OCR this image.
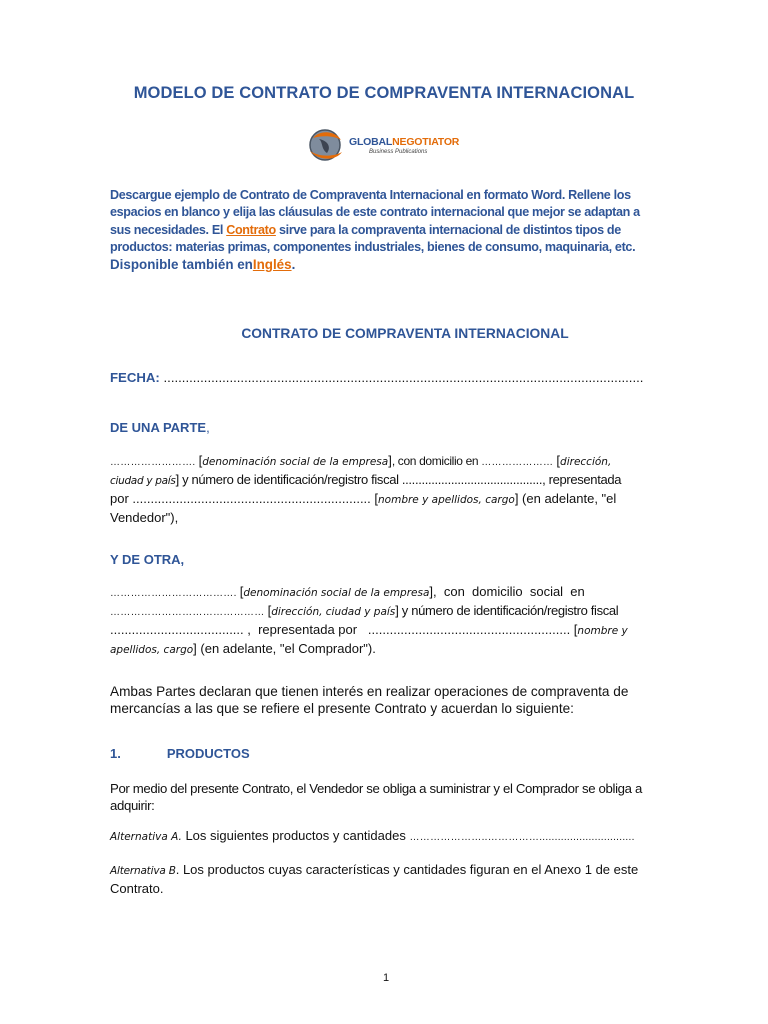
MODELO DE CONTRATO DE COMPRAVENTA INTERNACIONAL
GLOBALNEGOTIATOR
Business Publications
Descargue ejemplo de Contrato de Compraventa Internacional en formato Word. Rellene los
espacios en blanco y elija las cláusulas de este contrato internacional que mejor se adaptan a
sus necesidades. El Contrato sirve para la compraventa internacional de distintos tipos de
productos: materias primas, componentes industriales, bienes de consumo, maquinaria, etc.
Disponible también enInglés.
CONTRATO DE COMPRAVENTA INTERNACIONAL
FECHA: ...................................................................................................................................
DE UNA PARTE,
……………………. [denominación social de la empresa], con domicilio en ………………… [dirección,
ciudad y país] y número de identificación/registro fiscal ..........................................., representada
por .................................................................. [nombre y apellidos, cargo] (en adelante, "el
Vendedor"),
Y DE OTRA,
………………………………. [denominación social de la empresa],  con  domicilio  social  en
……………………………………… [dirección, ciudad y país] y número de identificación/registro fiscal
..................................... ,  representada por   ........................................................ [nombre y
apellidos, cargo] (en adelante, "el Comprador").
Ambas Partes declaran que tienen interés en realizar operaciones de compraventa de mercancías a las que se refiere el presente Contrato y acuerdan lo siguiente:
1.	PRODUCTOS
Por medio del presente Contrato, el Vendedor se obliga a suministrar y el Comprador se obliga a adquirir:
Alternativa A. Los siguientes productos y cantidades …………………..……………...............................
Alternativa B. Los productos cuyas características y cantidades figuran en el Anexo 1 de este Contrato.
1
